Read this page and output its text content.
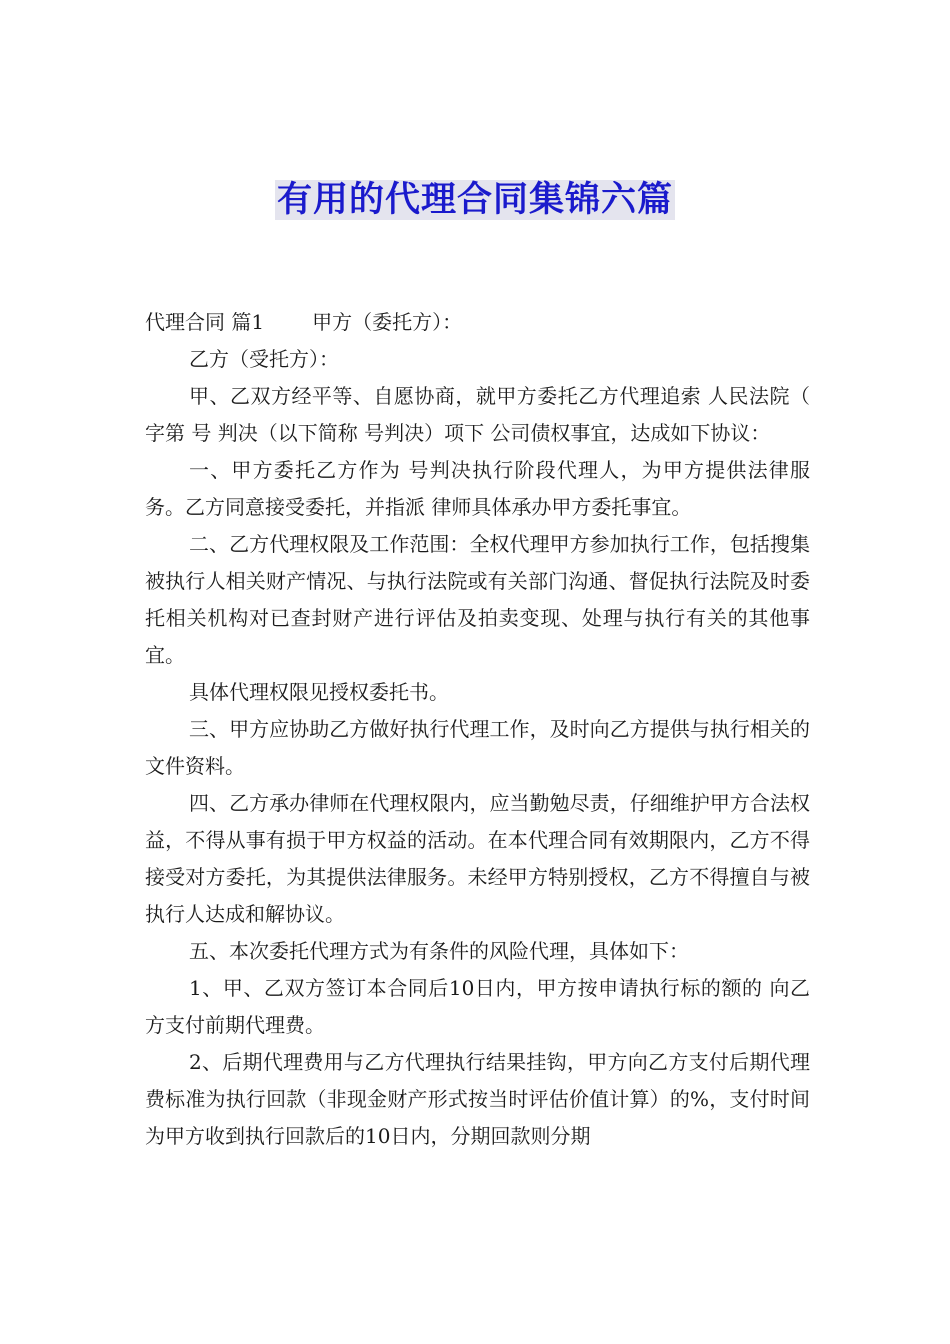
有用的代理合同集锦六篇

代理合同 篇1 甲方（委托方）：

乙方（受托方）：

甲、乙双方经平等、自愿协商，就甲方委托乙方代理追索 人民法院（ 字第 号 判决（以下简称 号判决）项下 公司债权事宜，达成如下协议：

一、甲方委托乙方作为 号判决执行阶段代理人，为甲方提供法律服务。乙方同意接受委托，并指派 律师具体承办甲方委托事宜。

二、乙方代理权限及工作范围：全权代理甲方参加执行工作，包括搜集被执行人相关财产情况、与执行法院或有关部门沟通、督促执行法院及时委托相关机构对已查封财产进行评估及拍卖变现、处理与执行有关的其他事宜。

具体代理权限见授权委托书。

三、甲方应协助乙方做好执行代理工作，及时向乙方提供与执行相关的文件资料。

四、乙方承办律师在代理权限内，应当勤勉尽责，仔细维护甲方合法权益，不得从事有损于甲方权益的活动。在本代理合同有效期限内，乙方不得接受对方委托，为其提供法律服务。未经甲方特别授权，乙方不得擅自与被执行人达成和解协议。

五、本次委托代理方式为有条件的风险代理，具体如下：

1、甲、乙双方签订本合同后10日内，甲方按申请执行标的额的 向乙方支付前期代理费。

2、后期代理费用与乙方代理执行结果挂钩，甲方向乙方支付后期代理费标准为执行回款（非现金财产形式按当时评估价值计算）的%，支付时间为甲方收到执行回款后的10日内，分期回款则分期
